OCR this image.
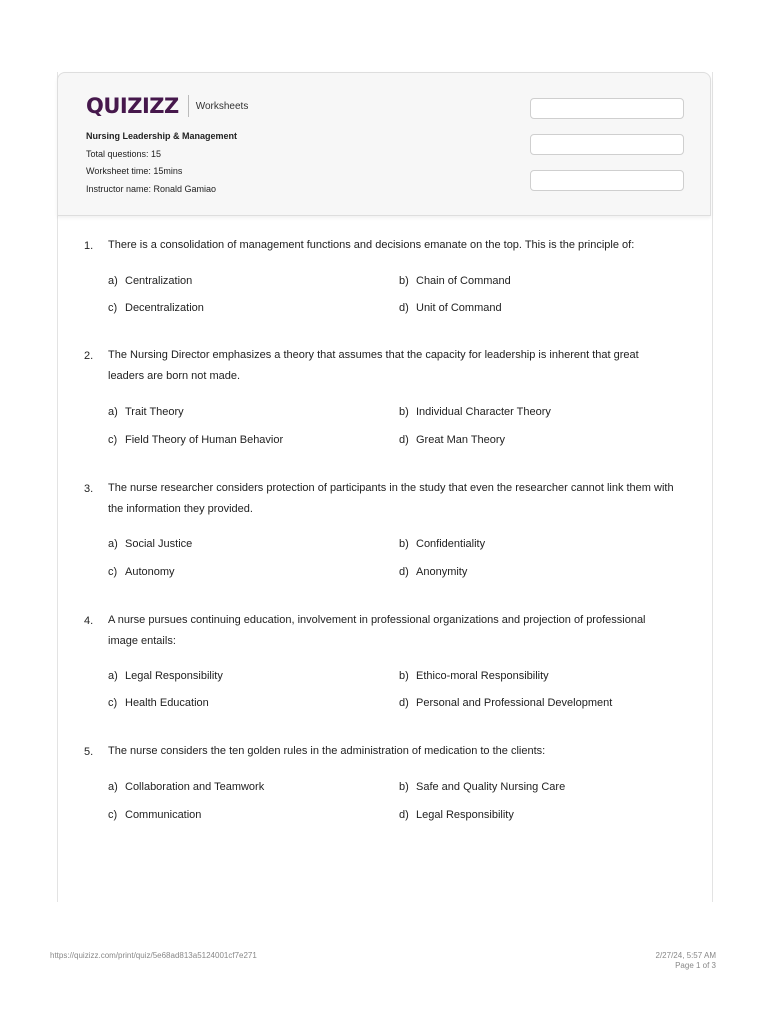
QUIZIZZ Worksheets
Nursing Leadership & Management
Total questions: 15
Worksheet time: 15mins
Instructor name: Ronald Gamiao
1. There is a consolidation of management functions and decisions emanate on the top. This is the principle of:
a) Centralization	b) Chain of Command
c) Decentralization	d) Unit of Command
2. The Nursing Director emphasizes a theory that assumes that the capacity for leadership is inherent that great leaders are born not made.
a) Trait Theory	b) Individual Character Theory
c) Field Theory of Human Behavior	d) Great Man Theory
3. The nurse researcher considers protection of participants in the study that even the researcher cannot link them with the information they provided.
a) Social Justice	b) Confidentiality
c) Autonomy	d) Anonymity
4. A nurse pursues continuing education, involvement in professional organizations and projection of professional image entails:
a) Legal Responsibility	b) Ethico-moral Responsibility
c) Health Education	d) Personal and Professional Development
5. The nurse considers the ten golden rules in the administration of medication to the clients:
a) Collaboration and Teamwork	b) Safe and Quality Nursing Care
c) Communication	d) Legal Responsibility
https://quizizz.com/print/quiz/5e68ad813a5124001cf7e271	2/27/24, 5:57 AM
Page 1 of 3
